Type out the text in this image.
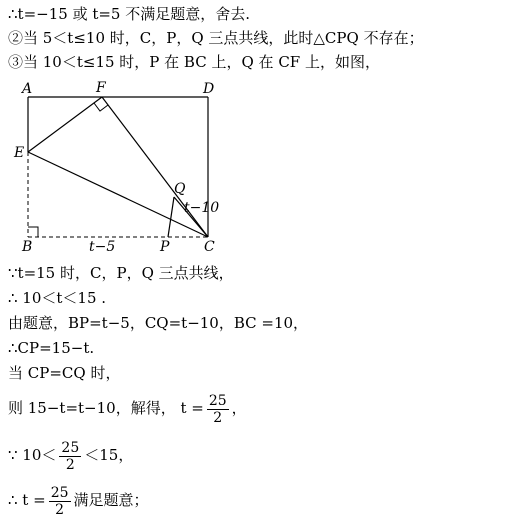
∴t=−15 或 t=5 不满足题意，舍去.
②当 5＜t≤10 时，C，P，Q 三点共线，此时△CPQ 不存在；
③当 10＜t≤15 时，P 在 BC 上，Q 在 CF 上，如图，
A	F	D
E
Q
t−10
B	t−5	P C
∵t=15 时，C，P，Q 三点共线，
∴ 10＜t＜15 .
由题意，BP=t−5，CQ=t−10，BC =10，
∴CP=15−t.
当 CP=CQ 时，
则 15−t=t−10，解得， $t = \frac{25}{2}$ ，
∵ $10< \frac{25}{2} <15$，
∴ $t = \frac{25}{2}$ 满足题意；
